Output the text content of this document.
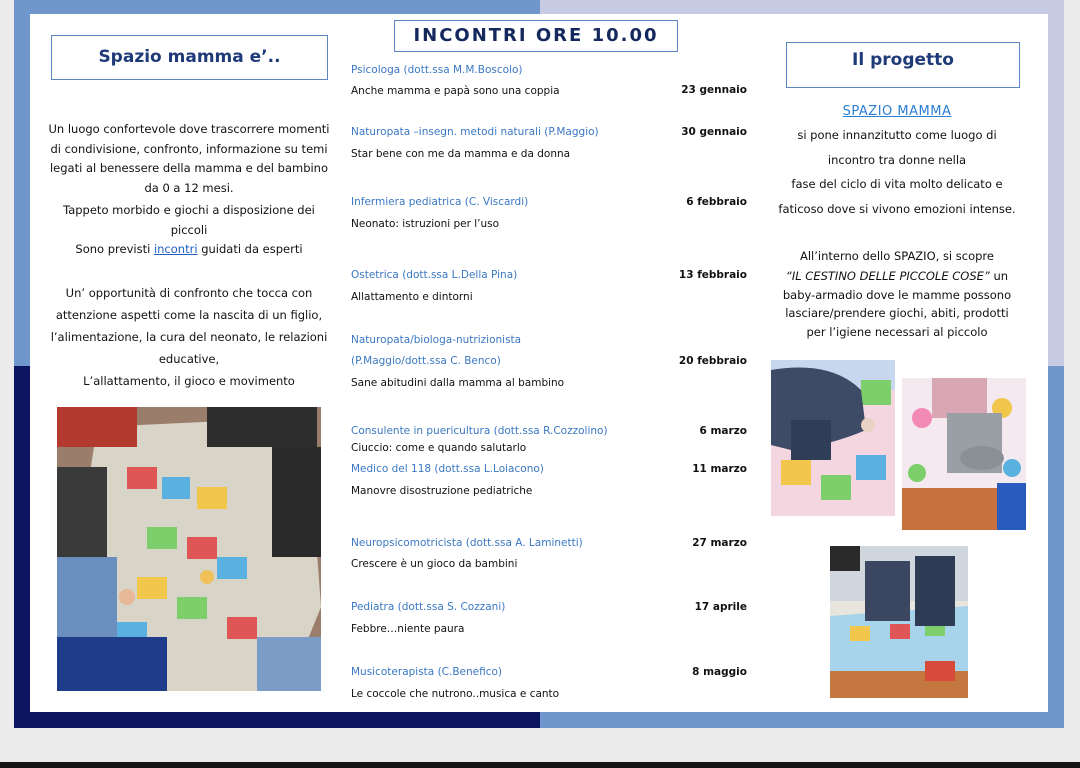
Spazio mamma e’..

Un luogo confortevole dove trascorrere momenti di condivisione, confronto, informazione su temi legati al benessere della mamma e del bambino da 0 a 12 mesi.

Tappeto morbido e giochi a disposizione dei piccoli

Sono previsti incontri guidati da esperti

Un’ opportunità di confronto che tocca con attenzione aspetti come la nascita di un figlio, l’alimentazione, la cura del neonato, le relazioni educative,

L’allattamento, il gioco e movimento

INCONTRI ORE 10.00
Psicologa (dott.ssa M.M.Boscolo)
23 gennaio
Anche mamma e papà sono una coppia
Naturopata –insegn. metodi naturali (P.Maggio)	30 gennaio
Star bene con me da mamma e da donna
Infermiera pediatrica (C. Viscardi)	6 febbraio
Neonato: istruzioni per l’uso
Ostetrica (dott.ssa L.Della Pina)	13 febbraio
Allattamento e dintorni
Naturopata/biologa-nutrizionista
(P.Maggio/dott.ssa C. Benco)	20 febbraio
Sane abitudini dalla mamma al bambino
Consulente in puericultura (dott.ssa R.Cozzolino)	6 marzo
Ciuccio: come e quando salutarlo
Medico del 118 (dott.ssa L.Loiacono)	11 marzo
Manovre disostruzione pediatriche
Neuropsicomotricista (dott.ssa A. Laminetti)	27 marzo
Crescere è un gioco da bambini
Pediatra (dott.ssa S. Cozzani)	17 aprile
Febbre…niente paura
Musicoterapista (C.Benefico)	8 maggio
Le coccole che nutrono..musica e canto
Il progetto

SPAZIO MAMMA

si pone innanzitutto come luogo di

incontro tra donne nella

fase del ciclo di vita molto delicato e

faticoso dove si vivono emozioni intense.

All’interno dello SPAZIO, si scopre

“IL CESTINO DELLE PICCOLE COSE” un

baby-armadio dove le mamme possono

lasciare/prendere giochi, abiti, prodotti

per l’igiene necessari al piccolo
